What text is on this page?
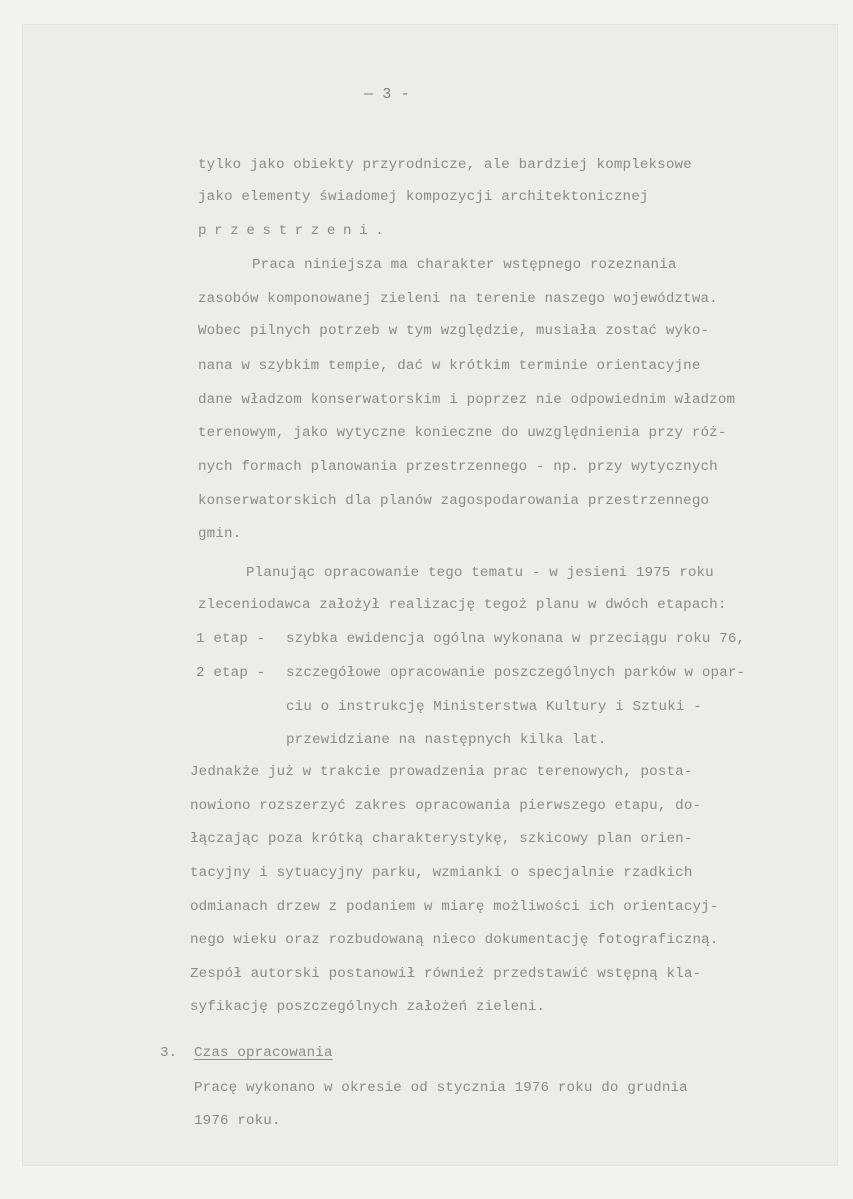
— 3 -
tylko jako obiekty przyrodnicze, ale bardziej kompleksowe
jako elementy świadomej kompozycji architektonicznej
przestrzeni.
Praca niniejsza ma charakter wstępnego rozeznania
zasobów komponowanej zieleni na terenie naszego województwa.
Wobec pilnych potrzeb w tym względzie, musiała zostać wyko-
nana w szybkim tempie, dać w krótkim terminie orientacyjne
dane władzom konserwatorskim i poprzez nie odpowiednim władzom
terenowym, jako wytyczne konieczne do uwzględnienia przy róż-
nych formach planowania przestrzennego - np. przy wytycznych
konserwatorskich dla planów zagospodarowania przestrzennego
gmin.
Planując opracowanie tego tematu - w jesieni 1975 roku
zleceniodawca założył realizację tegoż planu w dwóch etapach:
1 etap - szybka ewidencja ogólna wykonana w przeciągu roku 76,
2 etap - szczegółowe opracowanie poszczególnych parków w opar-
ciu o instrukcję Ministerstwa Kultury i Sztuki -
przewidziane na następnych kilka lat.
Jednakże już w trakcie prowadzenia prac terenowych, posta-
nowiono rozszerzyć zakres opracowania pierwszego etapu, do-
łączając poza krótką charakterystykę, szkicowy plan orien-
tacyjny i sytuacyjny parku, wzmianki o specjalnie rzadkich
odmianach drzew z podaniem w miarę możliwości ich orientacyj-
nego wieku oraz rozbudowaną nieco dokumentację fotograficzną.
Zespół autorski postanowił również przedstawić wstępną kla-
syfikację poszczególnych założeń zieleni.
3. Czas opracowania
Pracę wykonano w okresie od stycznia 1976 roku do grudnia
1976 roku.
